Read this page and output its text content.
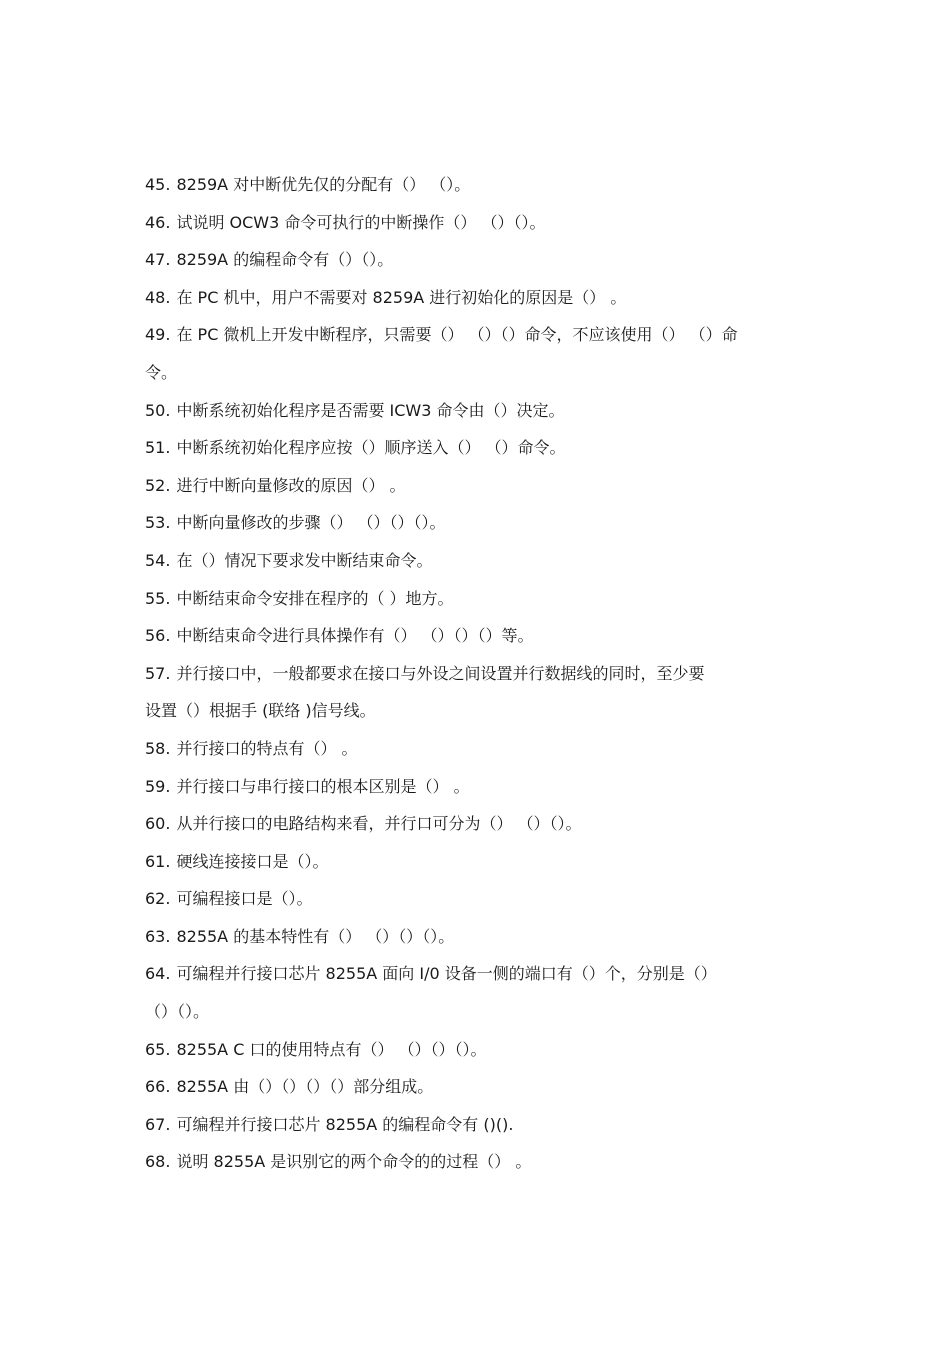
45. 8259A 对中断优先仅的分配有（） （）。
46. 试说明 OCW3 命令可执行的中断操作（） （）（）。
47. 8259A 的编程命令有（）（）。
48. 在 PC 机中，用户不需要对 8259A 进行初始化的原因是（） 。
49. 在 PC 微机上开发中断程序，只需要（） （）（）命令，不应该使用（） （）命
令。
50. 中断系统初始化程序是否需要 ICW3 命令由（）决定。
51. 中断系统初始化程序应按（）顺序送入（） （）命令。
52. 进行中断向量修改的原因（） 。
53. 中断向量修改的步骤（） （）（）（）。
54. 在（）情况下要求发中断结束命令。
55. 中断结束命令安排在程序的（ ）地方。
56. 中断结束命令进行具体操作有（） （）（）（）等。
57. 并行接口中，一般都要求在接口与外设之间设置并行数据线的同时，至少要
设置（）根据手 (联络 )信号线。
58. 并行接口的特点有（） 。
59. 并行接口与串行接口的根本区别是（） 。
60. 从并行接口的电路结构来看，并行口可分为（） （）（）。
61. 硬线连接接口是（）。
62. 可编程接口是（）。
63. 8255A 的基本特性有（） （）（）（）。
64. 可编程并行接口芯片 8255A 面向 I/0 设备一侧的端口有（）个，分别是（）
（）（）。
65. 8255A C 口的使用特点有（） （）（）（）。
66. 8255A 由（）（）（）（）部分组成。
67. 可编程并行接口芯片 8255A 的编程命令有 ()().
68. 说明 8255A 是识别它的两个命令的的过程（） 。
